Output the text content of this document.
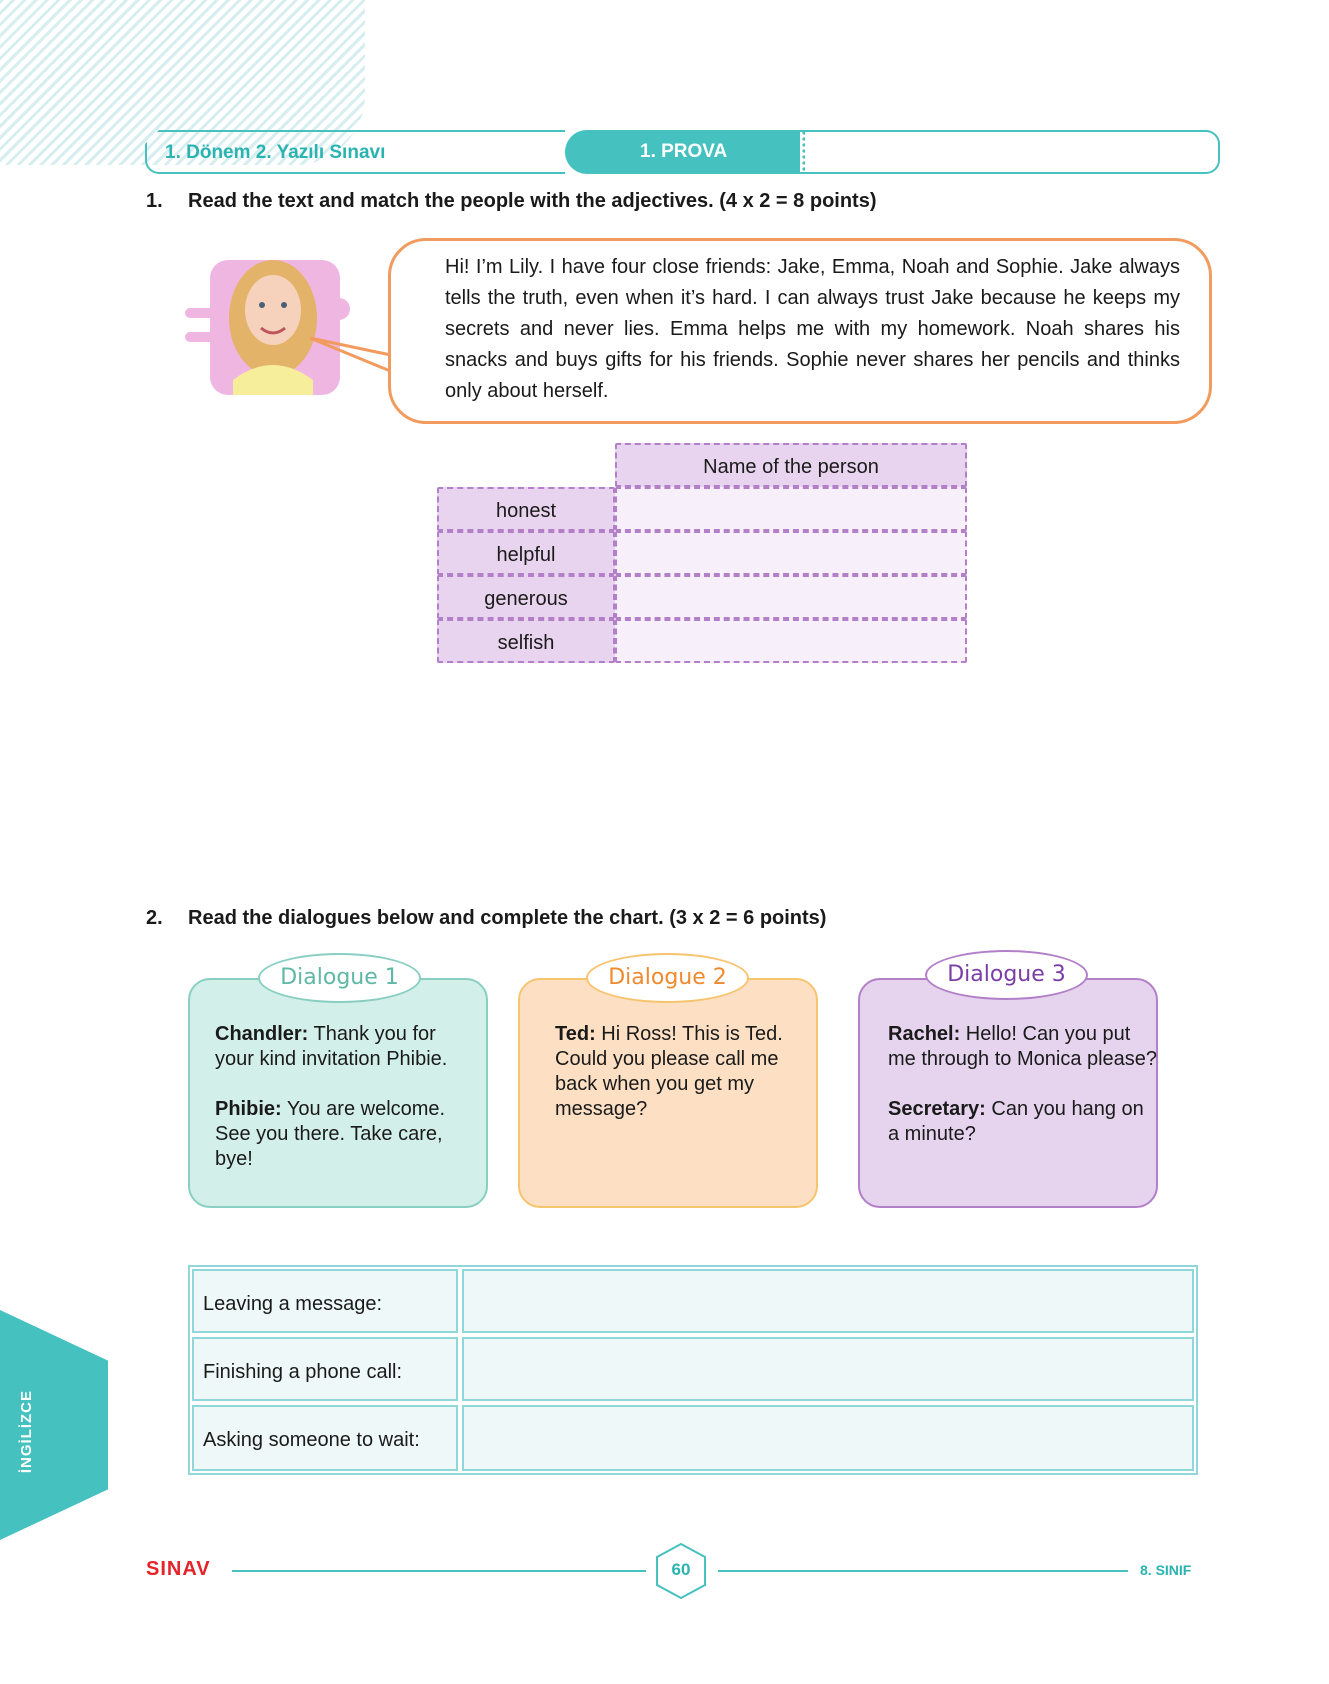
1. Dönem 2. Yazılı Sınavı	1. PROVA
1. Read the text and match the people with the adjectives. (4 x 2 = 8 points)
Hi! I’m Lily. I have four close friends: Jake, Emma, Noah and Sophie. Jake always tells the truth, even when it’s hard. I can always trust Jake because he keeps my secrets and never lies. Emma helps me with my homework. Noah shares his snacks and buys gifts for his friends. Sophie never shares her pencils and thinks only about herself.
Name of the person
honest
helpful
generous
selfish
2. Read the dialogues below and complete the chart. (3 x 2 = 6 points)
Dialogue 1
Chandler: Thank you for your kind invitation Phibie.
Phibie: You are welcome. See you there. Take care, bye!
Dialogue 2
Ted: Hi Ross! This is Ted. Could you please call me back when you get my message?
Dialogue 3
Rachel: Hello! Can you put me through to Monica please?
Secretary: Can you hang on a minute?
Leaving a message:
Finishing a phone call:
Asking someone to wait:
İNGİLİZCE
SINAV	60	8. SINIF
